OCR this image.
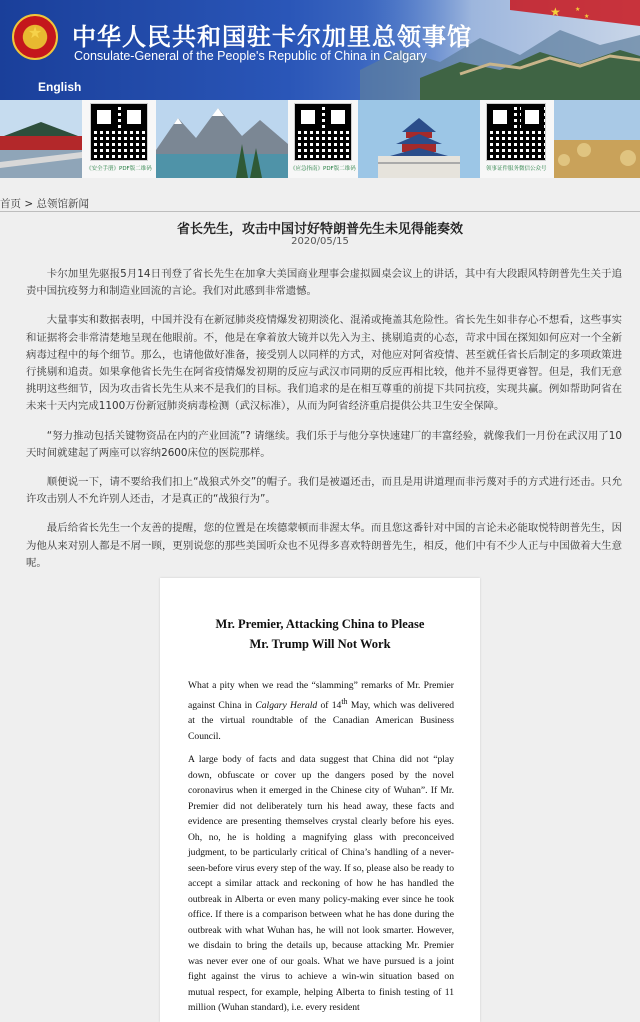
★ ★
★
★	中华人民共和国驻卡尔加里总领事馆
Consulate-General of the People's Republic of China in Calgary
English
《安全手册》PDF版二维码	《应急指南》PDF版二维码	领事证件服务微信公众号
首页 > 总领馆新闻
省长先生，攻击中国讨好特朗普先生未见得能奏效
2020/05/15

卡尔加里先驱报5月14日刊登了省长先生在加拿大美国商业理事会虚拟圆桌会议上的讲话，其中有大段跟风特朗普先生关于追责中国抗疫努力和制造业回流的言论。我们对此感到非常遗憾。

大量事实和数据表明，中国并没有在新冠肺炎疫情爆发初期淡化、混淆或掩盖其危险性。省长先生如非存心不想看，这些事实和证据将会非常清楚地呈现在他眼前。不，他是在拿着放大镜并以先入为主、挑剔追责的心态，苛求中国在探知如何应对一个全新病毒过程中的每个细节。那么，也请他做好准备，接受别人以同样的方式，对他应对阿省疫情、甚至就任省长后制定的多项政策进行挑剔和追责。如果拿他省长先生在阿省疫情爆发初期的反应与武汉市同期的反应再相比较，他并不显得更睿智。但是，我们无意挑明这些细节，因为攻击省长先生从来不是我们的目标。我们追求的是在相互尊重的前提下共同抗疫，实现共赢。例如帮助阿省在未来十天内完成1100万份新冠肺炎病毒检测（武汉标准），从而为阿省经济重启提供公共卫生安全保障。

“努力推动包括关键物资品在内的产业回流”? 请继续。我们乐于与他分享快速建厂的丰富经验，就像我们一月份在武汉用了10天时间就建起了两座可以容纳2600床位的医院那样。

顺便说一下，请不要给我们扣上“战狼式外交”的帽子。我们是被逼还击，而且是用讲道理而非污蔑对手的方式进行还击。只允许攻击别人不允许别人还击，才是真正的“战狼行为”。

最后给省长先生一个友善的提醒，您的位置是在埃德蒙顿而非渥太华。而且您这番针对中国的言论未必能取悦特朗普先生，因为他从来对别人都是不屑一顾，更别说您的那些美国听众也不见得多喜欢特朗普先生，相反，他们中有不少人正与中国做着大生意呢。

Mr. Premier, Attacking China to Please
Mr. Trump Will Not Work

What a pity when we read the “slamming” remarks of Mr. Premier against China in Calgary Herald of 14th May, which was delivered at the virtual roundtable of the Canadian American Business Council.

A large body of facts and data suggest that China did not “play down, obfuscate or cover up the dangers posed by the novel coronavirus when it emerged in the Chinese city of Wuhan”. If Mr. Premier did not deliberately turn his head away, these facts and evidence are presenting themselves crystal clearly before his eyes. Oh, no, he is holding a magnifying glass with preconceived judgment, to be particularly critical of China’s handling of a never-seen-before virus every step of the way. If so, please also be ready to accept a similar attack and reckoning of how he has handled the outbreak in Alberta or even many policy-making ever since he took office. If there is a comparison between what he has done during the outbreak with what Wuhan has, he will not look smarter. However, we disdain to bring the details up, because attacking Mr. Premier was never ever one of our goals. What we have pursued is a joint fight against the virus to achieve a win-win situation based on mutual respect, for example, helping Alberta to finish testing of 11 million (Wuhan standard), i.e. every resident
